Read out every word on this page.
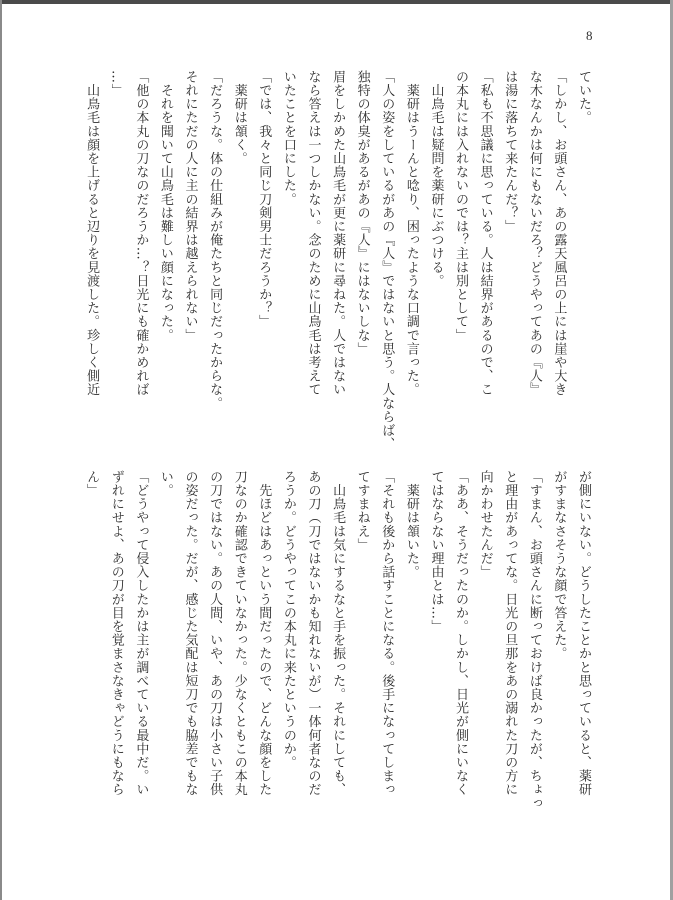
8
ていた。
「しかし、お頭さん、あの露天風呂の上には崖や大き
な木なんかは何にもないだろ？どうやってあの『人』
は湯に落ちて来たんだ？」
「私も不思議に思っている。人は結界があるので、こ
の本丸には入れないのでは？主は別として」
　山鳥毛は疑問を薬研にぶつける。
　薬研はうーんと唸り、困ったような口調で言った。
「人の姿をしているがあの『人』ではないと思う。人ならば、
独特の体臭があるがあの『人』にはないしな」
眉をしかめた山鳥毛が更に薬研に尋ねた。人ではない
なら答えは一つしかない。念のために山鳥毛は考えて
いたことを口にした。
「では、我々と同じ刀剣男士だろうか？」
　薬研は頷く。
「だろうな。体の仕組みが俺たちと同じだったからな。
それにただの人に主の結界は越えられない」
　それを聞いて山鳥毛は難しい顔になった。
「他の本丸の刀なのだろうか…？日光にも確かめれば
…」
　山鳥毛は顔を上げると辺りを見渡した。珍しく側近
が側にいない。どうしたことかと思っていると、薬研
がすまなさそうな顔で答えた。
「すまん、お頭さんに断っておけば良かったが、ちょっ
と理由があってな。日光の旦那をあの溺れた刀の方に
向かわせたんだ」
「ああ、そうだったのか。しかし、日光が側にいなく
てはならない理由とは…」
　薬研は頷いた。
「それも後から話すことになる。後手になってしまっ
てすまねえ」
　山鳥毛は気にするなと手を振った。それにしても、
あの刀（刀ではないかも知れないが）一体何者なのだ
ろうか。どうやってこの本丸に来たというのか。
　先ほどはあっという間だったので、どんな顔をした
刀なのか確認できていなかった。少なくともこの本丸
の刀ではない。あの人間、いや、あの刀は小さい子供
の姿だった。だが、感じた気配は短刀でも脇差でもな
い。
「どうやって侵入したかは主が調べている最中だ。い
ずれにせよ、あの刀が目を覚まさなきゃどうにもなら
ん」
